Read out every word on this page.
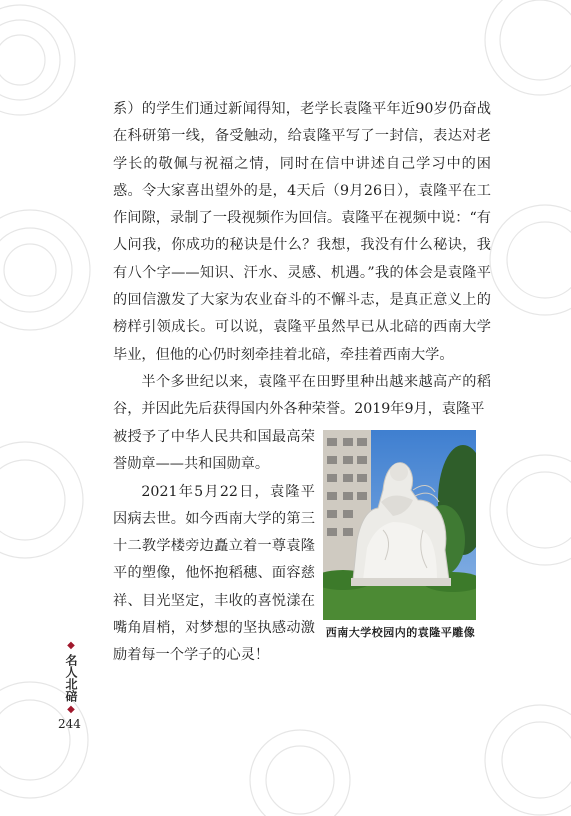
系）的学生们通过新闻得知，老学长袁隆平年近90岁仍奋战在科研第一线，备受触动，给袁隆平写了一封信，表达对老学长的敬佩与祝福之情，同时在信中讲述自己学习中的困惑。令大家喜出望外的是，4天后（9月26日），袁隆平在工作间隙，录制了一段视频作为回信。袁隆平在视频中说：“有人问我，你成功的秘诀是什么？我想，我没有什么秘诀，我有八个字——知识、汗水、灵感、机遇。”我的体会是袁隆平的回信激发了大家为农业奋斗的不懈斗志，是真正意义上的榜样引领成长。可以说，袁隆平虽然早已从北碚的西南大学毕业，但他的心仍时刻牵挂着北碚，牵挂着西南大学。

半个多世纪以来，袁隆平在田野里种出越来越高产的稻谷，并因此先后获得国内外各种荣誉。2019年9月，袁隆平

被授予了中华人民共和国最高荣誉勋章——共和国勋章。

2021年5月22日，袁隆平因病去世。如今西南大学的第三十二教学楼旁边矗立着一尊袁隆平的塑像，他怀抱稻穗、面容慈祥、目光坚定，丰收的喜悦漾在嘴角眉梢，对梦想的坚执感动激励着每一个学子的心灵！

西南大学校园内的袁隆平雕像
◆
名人北碚
◆
244
